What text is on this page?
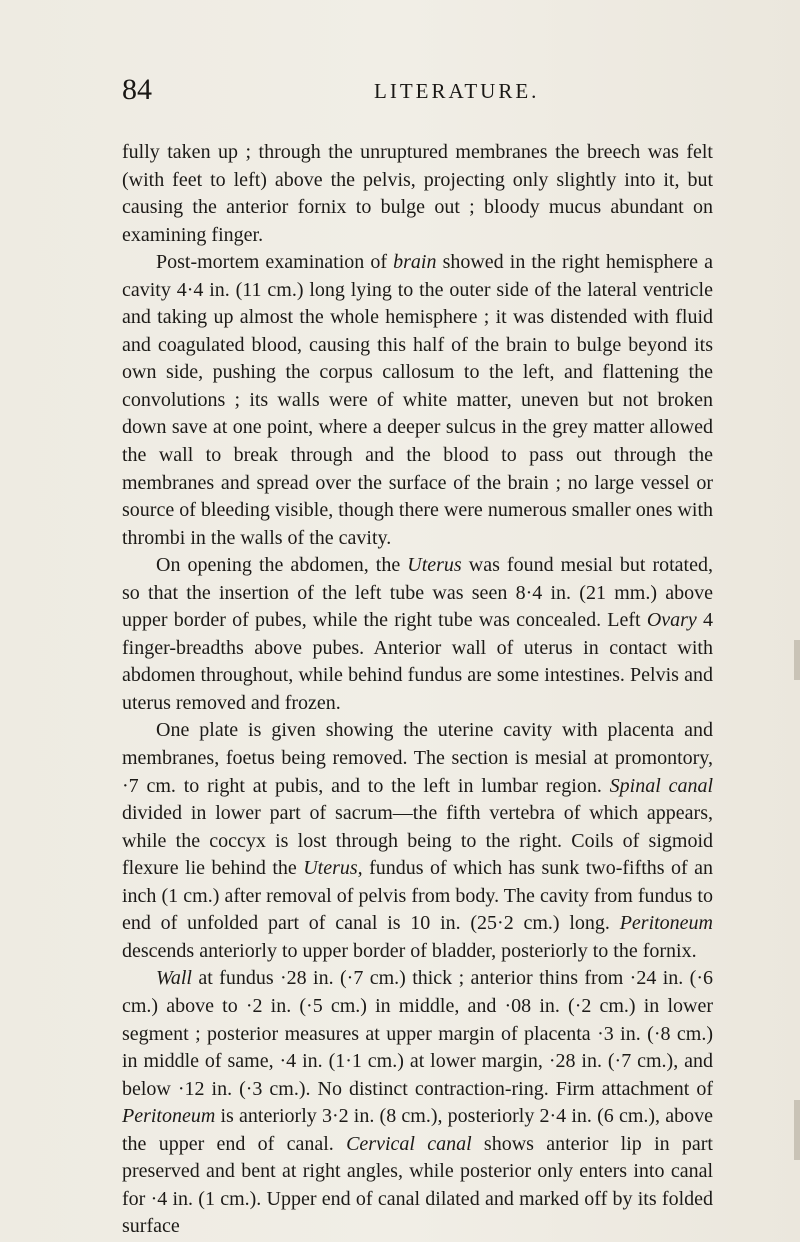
84	LITERATURE.

fully taken up ; through the unruptured membranes the breech was felt (with feet to left) above the pelvis, projecting only slightly into it, but causing the anterior fornix to bulge out ; bloody mucus abundant on examining finger.

Post-mortem examination of brain showed in the right hemisphere a cavity 4·4 in. (11 cm.) long lying to the outer side of the lateral ventricle and taking up almost the whole hemisphere ; it was distended with fluid and coagulated blood, causing this half of the brain to bulge beyond its own side, pushing the corpus callosum to the left, and flattening the convolutions ; its walls were of white matter, uneven but not broken down save at one point, where a deeper sulcus in the grey matter allowed the wall to break through and the blood to pass out through the membranes and spread over the surface of the brain ; no large vessel or source of bleeding visible, though there were numerous smaller ones with thrombi in the walls of the cavity.

On opening the abdomen, the Uterus was found mesial but rotated, so that the insertion of the left tube was seen 8·4 in. (21 mm.) above upper border of pubes, while the right tube was concealed. Left Ovary 4 finger-breadths above pubes. Anterior wall of uterus in contact with abdomen throughout, while behind fundus are some intestines. Pelvis and uterus removed and frozen.

One plate is given showing the uterine cavity with placenta and membranes, foetus being removed. The section is mesial at promontory, ·7 cm. to right at pubis, and to the left in lumbar region. Spinal canal divided in lower part of sacrum—the fifth vertebra of which appears, while the coccyx is lost through being to the right. Coils of sigmoid flexure lie behind the Uterus, fundus of which has sunk two-fifths of an inch (1 cm.) after removal of pelvis from body. The cavity from fundus to end of unfolded part of canal is 10 in. (25·2 cm.) long. Peritoneum descends anteriorly to upper border of bladder, posteriorly to the fornix.

Wall at fundus ·28 in. (·7 cm.) thick ; anterior thins from ·24 in. (·6 cm.) above to ·2 in. (·5 cm.) in middle, and ·08 in. (·2 cm.) in lower segment ; posterior measures at upper margin of placenta ·3 in. (·8 cm.) in middle of same, ·4 in. (1·1 cm.) at lower margin, ·28 in. (·7 cm.), and below ·12 in. (·3 cm.). No distinct contraction-ring. Firm attachment of Peritoneum is anteriorly 3·2 in. (8 cm.), posteriorly 2·4 in. (6 cm.), above the upper end of canal. Cervical canal shows anterior lip in part preserved and bent at right angles, while posterior only enters into canal for ·4 in. (1 cm.). Upper end of canal dilated and marked off by its folded surface
